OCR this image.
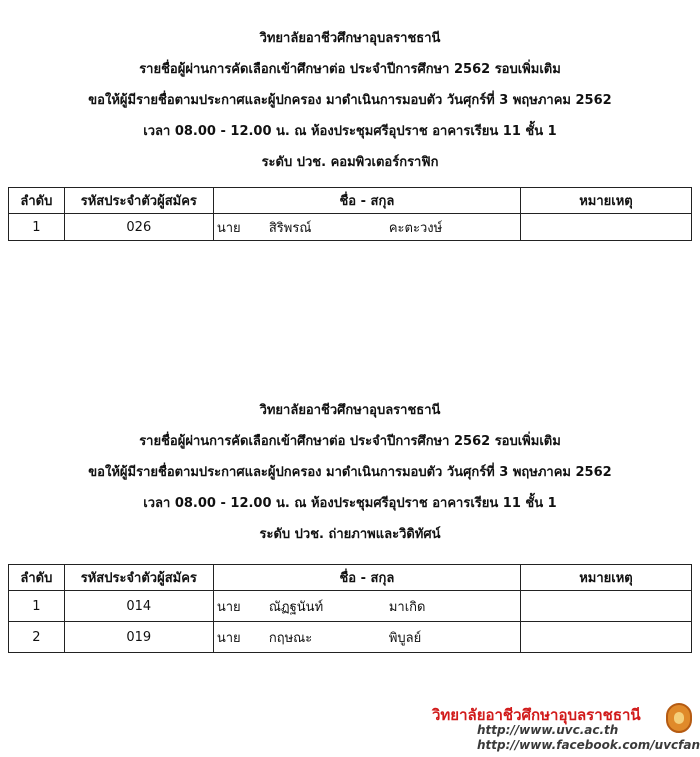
วิทยาลัยอาชีวศึกษาอุบลราชธานี
รายชื่อผู้ผ่านการคัดเลือกเข้าศึกษาต่อ ประจำปีการศึกษา 2562 รอบเพิ่มเติม
ขอให้ผู้มีรายชื่อตามประกาศและผู้ปกครอง มาดำเนินการมอบตัว วันศุกร์ที่ 3 พฤษภาคม 2562
เวลา 08.00 - 12.00 น. ณ ห้องประชุมศรีอุปราช อาคารเรียน 11 ชั้น 1
ระดับ ปวช. คอมพิวเตอร์กราฟิก
ลำดับ	รหัสประจำตัวผู้สมัคร	ชื่อ - สกุล	หมายเหตุ
1	026	นาย สิริพรณ์ คะตะวงษ์	

วิทยาลัยอาชีวศึกษาอุบลราชธานี
รายชื่อผู้ผ่านการคัดเลือกเข้าศึกษาต่อ ประจำปีการศึกษา 2562 รอบเพิ่มเติม
ขอให้ผู้มีรายชื่อตามประกาศและผู้ปกครอง มาดำเนินการมอบตัว วันศุกร์ที่ 3 พฤษภาคม 2562
เวลา 08.00 - 12.00 น. ณ ห้องประชุมศรีอุปราช อาคารเรียน 11 ชั้น 1
ระดับ ปวช. ถ่ายภาพและวิดิทัศน์
ลำดับ	รหัสประจำตัวผู้สมัคร	ชื่อ - สกุล	หมายเหตุ
1	014	นาย ณัฏฐนันท์ มาเกิด	

2	019	นาย กฤษณะ พิบูลย์	

วิทยาลัยอาชีวศึกษาอุบลราชธานี
http://www.uvc.ac.th
http://www.facebook.com/uvcfan
